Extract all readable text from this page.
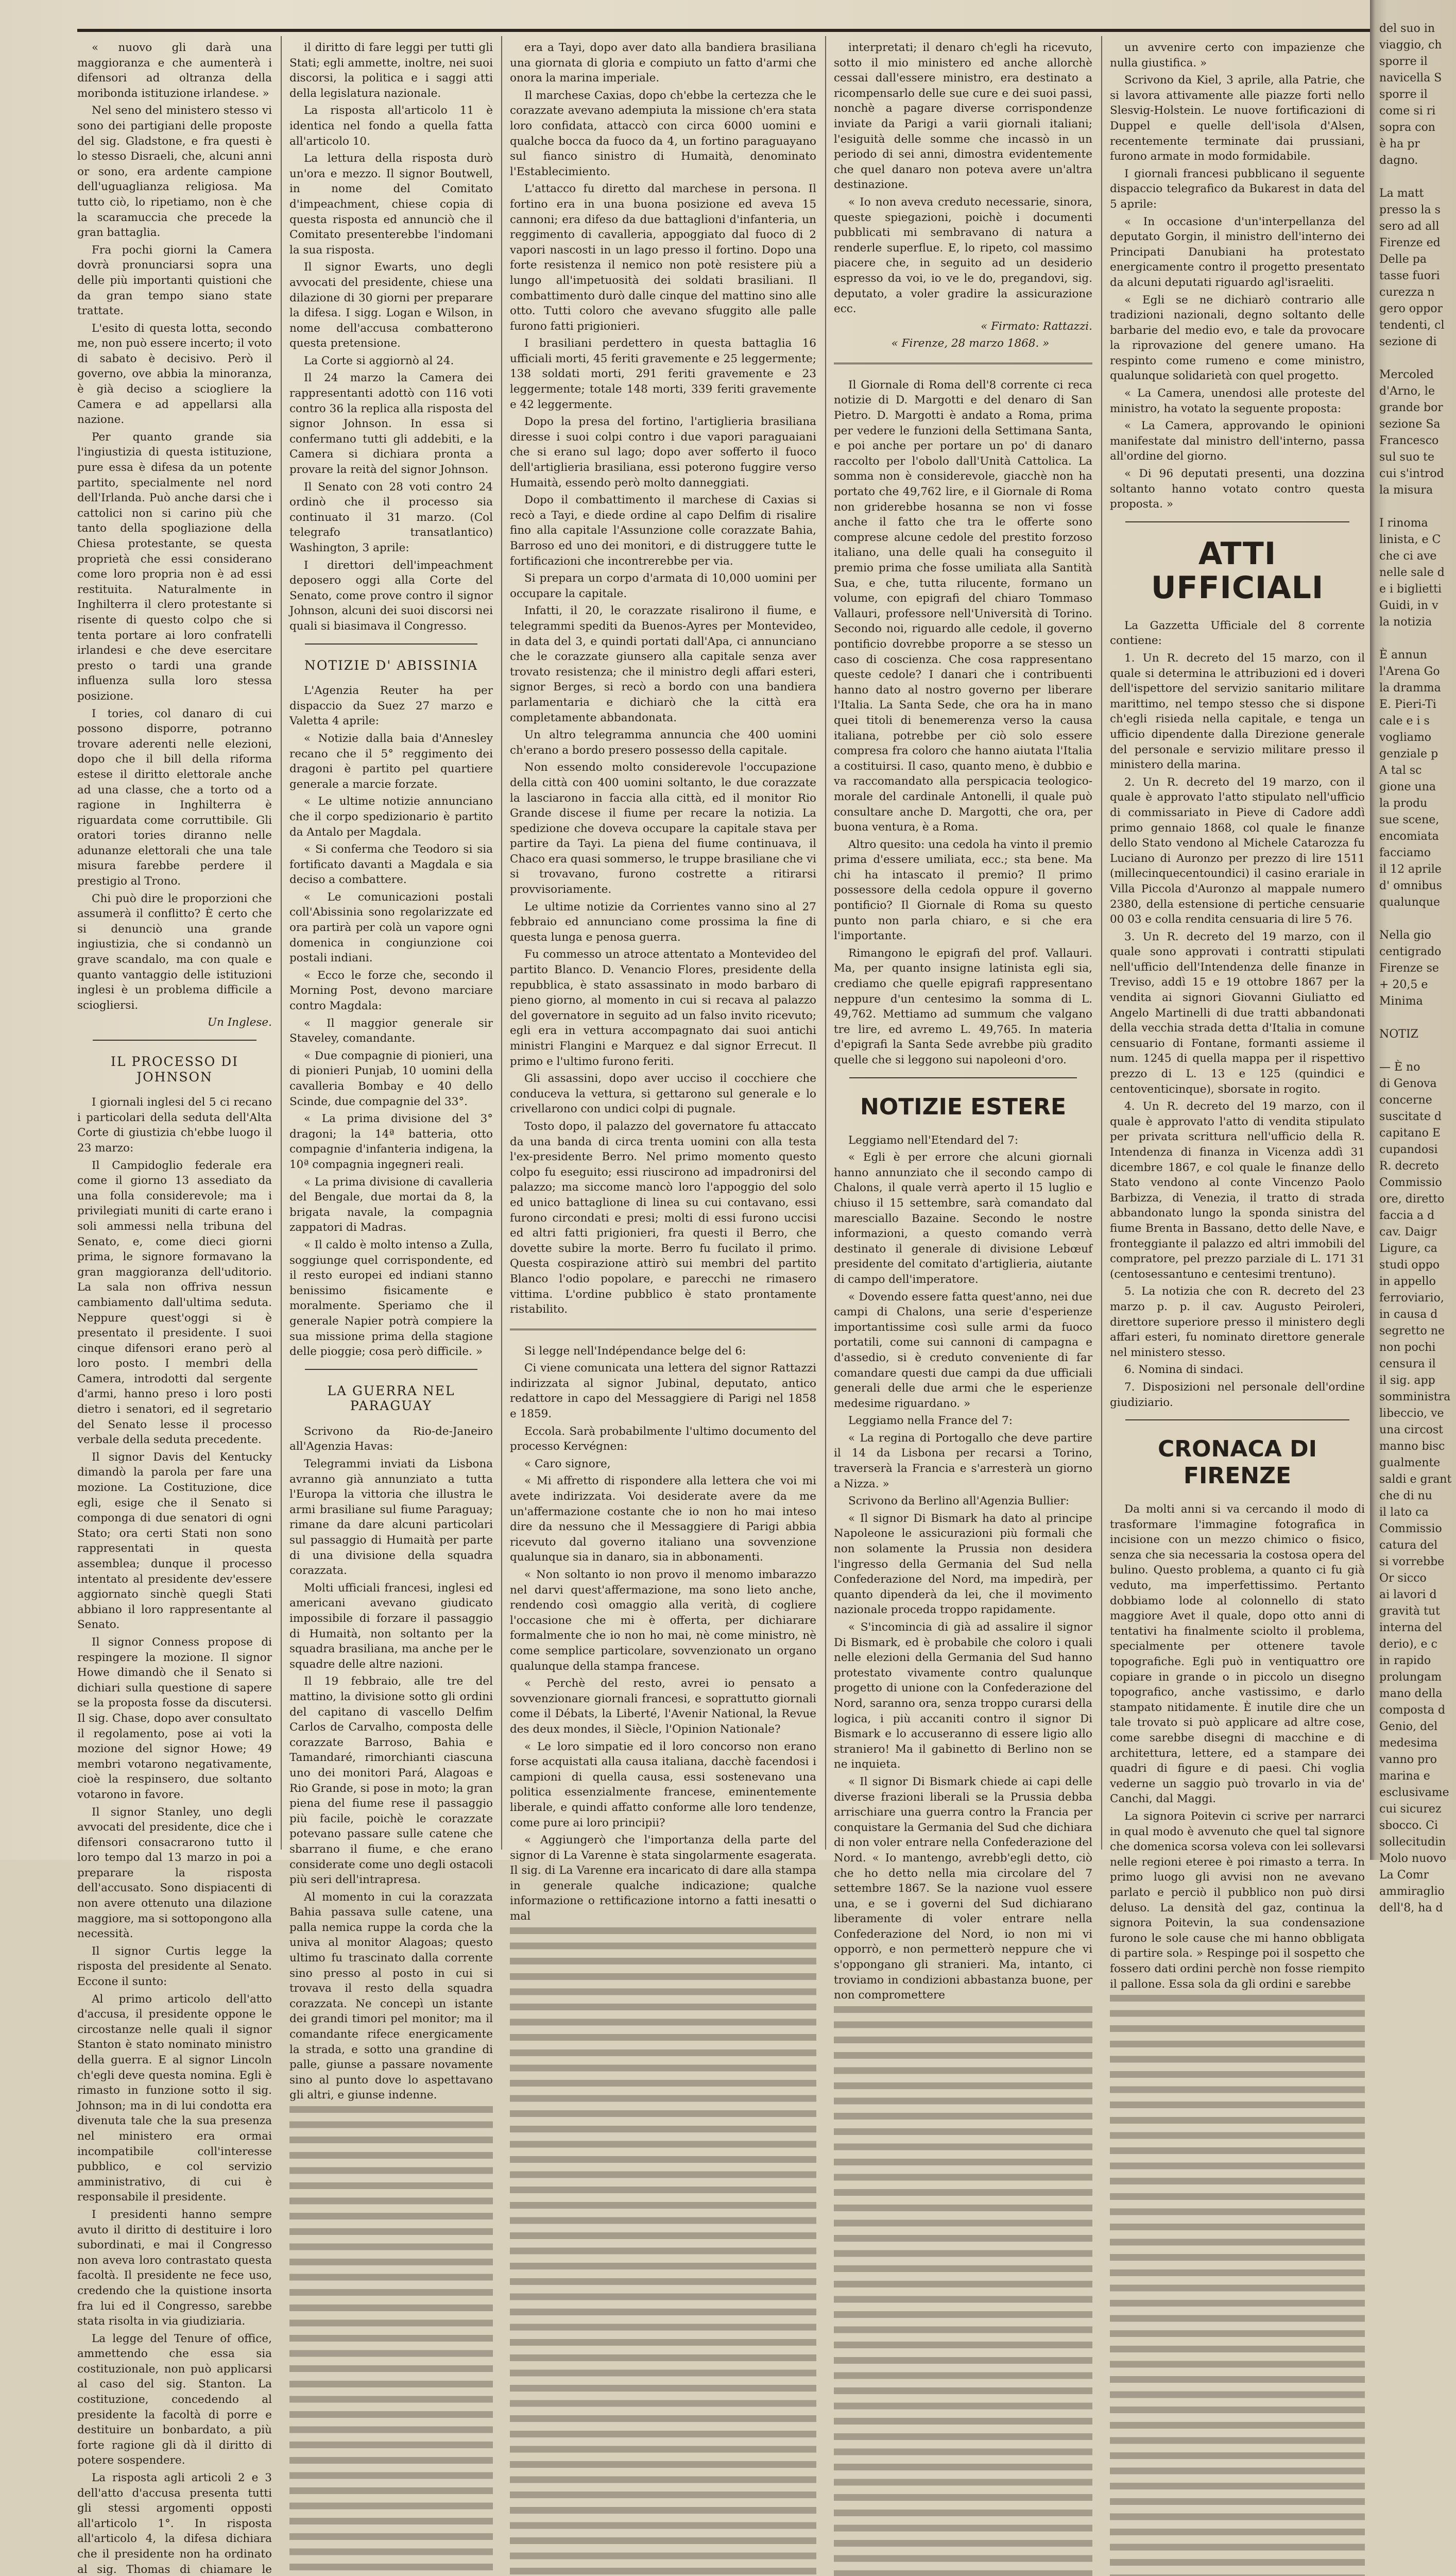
« nuovo gli darà una maggioranza e che aumenterà i difensori ad oltranza della moribonda istituzione irlandese. »

Nel seno del ministero stesso vi sono dei partigiani delle proposte del sig. Gladstone, e fra questi è lo stesso Disraeli, che, alcuni anni or sono, era ardente campione dell'uguaglianza religiosa. Ma tutto ciò, lo ripetiamo, non è che la scaramuccia che precede la gran battaglia.

Fra pochi giorni la Camera dovrà pronunciarsi sopra una delle più importanti quistioni che da gran tempo siano state trattate.

L'esito di questa lotta, secondo me, non può essere incerto; il voto di sabato è decisivo. Però il governo, ove abbia la minoranza, è già deciso a sciogliere la Camera e ad appellarsi alla nazione.

Per quanto grande sia l'ingiustizia di questa istituzione, pure essa è difesa da un potente partito, specialmente nel nord dell'Irlanda. Può anche darsi che i cattolici non si carino più che tanto della spogliazione della Chiesa protestante, se questa proprietà che essi considerano come loro propria non è ad essi restituita. Naturalmente in Inghilterra il clero protestante si risente di questo colpo che si tenta portare ai loro confratelli irlandesi e che deve esercitare presto o tardi una grande influenza sulla loro stessa posizione.

I tories, col danaro di cui possono disporre, potranno trovare aderenti nelle elezioni, dopo che il bill della riforma estese il diritto elettorale anche ad una classe, che a torto od a ragione in Inghilterra è riguardata come corruttibile. Gli oratori tories diranno nelle adunanze elettorali che una tale misura farebbe perdere il prestigio al Trono.

Chi può dire le proporzioni che assumerà il conflitto? È certo che si denunciò una grande ingiustizia, che si condannò un grave scandalo, ma con quale e quanto vantaggio delle istituzioni inglesi è un problema difficile a sciogliersi.

Un Inglese.

IL PROCESSO DI JOHNSON

I giornali inglesi del 5 ci recano i particolari della seduta dell'Alta Corte di giustizia ch'ebbe luogo il 23 marzo:

Il Campidoglio federale era come il giorno 13 assediato da una folla considerevole; ma i privilegiati muniti di carte erano i soli ammessi nella tribuna del Senato, e, come dieci giorni prima, le signore formavano la gran maggioranza dell'uditorio. La sala non offriva nessun cambiamento dall'ultima seduta. Neppure quest'oggi si è presentato il presidente. I suoi cinque difensori erano però al loro posto. I membri della Camera, introdotti dal sergente d'armi, hanno preso i loro posti dietro i senatori, ed il segretario del Senato lesse il processo verbale della seduta precedente.

Il signor Davis del Kentucky dimandò la parola per fare una mozione. La Costituzione, dice egli, esige che il Senato si componga di due senatori di ogni Stato; ora certi Stati non sono rappresentati in questa assemblea; dunque il processo intentato al presidente dev'essere aggiornato sinchè quegli Stati abbiano il loro rappresentante al Senato.

Il signor Conness propose di respingere la mozione. Il signor Howe dimandò che il Senato si dichiari sulla questione di sapere se la proposta fosse da discutersi. Il sig. Chase, dopo aver consultato il regolamento, pose ai voti la mozione del signor Howe; 49 membri votarono negativamente, cioè la respinsero, due soltanto votarono in favore.

Il signor Stanley, uno degli avvocati del presidente, dice che i difensori consacrarono tutto il loro tempo dal 13 marzo in poi a preparare la risposta dell'accusato. Sono dispiacenti di non avere ottenuto una dilazione maggiore, ma si sottopongono alla necessità.

Il signor Curtis legge la risposta del presidente al Senato. Eccone il sunto:

Al primo articolo dell'atto d'accusa, il presidente oppone le circostanze nelle quali il signor Stanton è stato nominato ministro della guerra. E al signor Lincoln ch'egli deve questa nomina. Egli è rimasto in funzione sotto il sig. Johnson; ma in di lui condotta era divenuta tale che la sua presenza nel ministero era ormai incompatibile coll'interesse pubblico, e col servizio amministrativo, di cui è responsabile il presidente.

I presidenti hanno sempre avuto il diritto di destituire i loro subordinati, e mai il Congresso non aveva loro contrastato questa facoltà. Il presidente ne fece uso, credendo che la quistione insorta fra lui ed il Congresso, sarebbe stata risolta in via giudiziaria.

La legge del Tenure of office, ammettendo che essa sia costituzionale, non può applicarsi al caso del sig. Stanton. La costituzione, concedendo al presidente la facoltà di porre e destituire un bonbardato, a più forte ragione gli dà il diritto di potere sospendere.

La risposta agli articoli 2 e 3 dell'atto d'accusa presenta tutti gli stessi argomenti opposti all'articolo 1°. In risposta all'articolo 4, la difesa dichiara che il presidente non ha ordinato al sig. Thomas di chiamare le

il diritto di fare leggi per tutti gli Stati; egli ammette, inoltre, nei suoi discorsi, la politica e i saggi atti della legislatura nazionale.

La risposta all'articolo 11 è identica nel fondo a quella fatta all'articolo 10.

La lettura della risposta durò un'ora e mezzo. Il signor Boutwell, in nome del Comitato d'impeachment, chiese copia di questa risposta ed annunciò che il Comitato presenterebbe l'indomani la sua risposta.

Il signor Ewarts, uno degli avvocati del presidente, chiese una dilazione di 30 giorni per preparare la difesa. I sigg. Logan e Wilson, in nome dell'accusa combatterono questa pretensione.

La Corte si aggiornò al 24.

Il 24 marzo la Camera dei rappresentanti adottò con 116 voti contro 36 la replica alla risposta del signor Johnson. In essa si confermano tutti gli addebiti, e la Camera si dichiara pronta a provare la reità del signor Johnson.

Il Senato con 28 voti contro 24 ordinò che il processo sia continuato il 31 marzo. (Col telegrafo transatlantico) Washington, 3 aprile:

I direttori dell'impeachment deposero oggi alla Corte del Senato, come prove contro il signor Johnson, alcuni dei suoi discorsi nei quali si biasimava il Congresso.

NOTIZIE D' ABISSINIA

L'Agenzia Reuter ha per dispaccio da Suez 27 marzo e Valetta 4 aprile:

« Notizie dalla baia d'Annesley recano che il 5° reggimento dei dragoni è partito pel quartiere generale a marcie forzate.

« Le ultime notizie annunciano che il corpo spedizionario è partito da Antalo per Magdala.

« Si conferma che Teodoro si sia fortificato davanti a Magdala e sia deciso a combattere.

« Le comunicazioni postali coll'Abissinia sono regolarizzate ed ora partirà per colà un vapore ogni domenica in congiunzione coi postali indiani.

« Ecco le forze che, secondo il Morning Post, devono marciare contro Magdala:

« Il maggior generale sir Staveley, comandante.

« Due compagnie di pionieri, una di pionieri Punjab, 10 uomini della cavalleria Bombay e 40 dello Scinde, due compagnie del 33°.

« La prima divisione del 3° dragoni; la 14ª batteria, otto compagnie d'infanteria indigena, la 10ª compagnia ingegneri reali.

« La prima divisione di cavalleria del Bengale, due mortai da 8, la brigata navale, la compagnia zappatori di Madras.

« Il caldo è molto intenso a Zulla, soggiunge quel corrispondente, ed il resto europei ed indiani stanno benissimo fisicamente e moralmente. Speriamo che il generale Napier potrà compiere la sua missione prima della stagione delle pioggie; cosa però difficile. »

LA GUERRA NEL PARAGUAY

Scrivono da Rio-de-Janeiro all'Agenzia Havas:

Telegrammi inviati da Lisbona avranno già annunziato a tutta l'Europa la vittoria che illustra le armi brasiliane sul fiume Paraguay; rimane da dare alcuni particolari sul passaggio di Humaità per parte di una divisione della squadra corazzata.

Molti ufficiali francesi, inglesi ed americani avevano giudicato impossibile di forzare il passaggio di Humaità, non soltanto per la squadra brasiliana, ma anche per le squadre delle altre nazioni.

Il 19 febbraio, alle tre del mattino, la divisione sotto gli ordini del capitano di vascello Delfim Carlos de Carvalho, composta delle corazzate Barroso, Bahia e Tamandaré, rimorchianti ciascuna uno dei monitori Pará, Alagoas e Rio Grande, si pose in moto; la gran piena del fiume rese il passaggio più facile, poichè le corazzate potevano passare sulle catene che sbarrano il fiume, e che erano considerate come uno degli ostacoli più seri dell'intrapresa.

Al momento in cui la corazzata Bahia passava sulle catene, una palla nemica ruppe la corda che la univa al monitor Alagoas; questo ultimo fu trascinato dalla corrente sino presso al posto in cui si trovava il resto della squadra corazzata. Ne concepì un istante dei grandi timori pel monitor; ma il comandante rifece energicamente la strada, e sotto una grandine di palle, giunse a passare novamente sino al punto dove lo aspettavano gli altri, e giunse indenne.

era a Tayi, dopo aver dato alla bandiera brasiliana una giornata di gloria e compiuto un fatto d'armi che onora la marina imperiale.

Il marchese Caxias, dopo ch'ebbe la certezza che le corazzate avevano adempiuta la missione ch'era stata loro confidata, attaccò con circa 6000 uomini e qualche bocca da fuoco da 4, un fortino paraguayano sul fianco sinistro di Humaità, denominato l'Establecimiento.

L'attacco fu diretto dal marchese in persona. Il fortino era in una buona posizione ed aveva 15 cannoni; era difeso da due battaglioni d'infanteria, un reggimento di cavalleria, appoggiato dal fuoco di 2 vapori nascosti in un lago presso il fortino. Dopo una forte resistenza il nemico non potè resistere più a lungo all'impetuosità dei soldati brasiliani. Il combattimento durò dalle cinque del mattino sino alle otto. Tutti coloro che avevano sfuggito alle palle furono fatti prigionieri.

I brasiliani perdettero in questa battaglia 16 ufficiali morti, 45 feriti gravemente e 25 leggermente; 138 soldati morti, 291 feriti gravemente e 23 leggermente; totale 148 morti, 339 feriti gravemente e 42 leggermente.

Dopo la presa del fortino, l'artiglieria brasiliana diresse i suoi colpi contro i due vapori paraguaiani che si erano sul lago; dopo aver sofferto il fuoco dell'artiglieria brasiliana, essi poterono fuggire verso Humaità, essendo però molto danneggiati.

Dopo il combattimento il marchese di Caxias si recò a Tayi, e diede ordine al capo Delfim di risalire fino alla capitale l'Assunzione colle corazzate Bahia, Barroso ed uno dei monitori, e di distruggere tutte le fortificazioni che incontrerebbe per via.

Si prepara un corpo d'armata di 10,000 uomini per occupare la capitale.

Infatti, il 20, le corazzate risalirono il fiume, e telegrammi spediti da Buenos-Ayres per Montevideo, in data del 3, e quindi portati dall'Apa, ci annunciano che le corazzate giunsero alla capitale senza aver trovato resistenza; che il ministro degli affari esteri, signor Berges, si recò a bordo con una bandiera parlamentaria e dichiarò che la città era completamente abbandonata.

Un altro telegramma annuncia che 400 uomini ch'erano a bordo presero possesso della capitale.

Non essendo molto considerevole l'occupazione della città con 400 uomini soltanto, le due corazzate la lasciarono in faccia alla città, ed il monitor Rio Grande discese il fiume per recare la notizia. La spedizione che doveva occupare la capitale stava per partire da Tayi. La piena del fiume continuava, il Chaco era quasi sommerso, le truppe brasiliane che vi si trovavano, furono costrette a ritirarsi provvisoriamente.

Le ultime notizie da Corrientes vanno sino al 27 febbraio ed annunciano come prossima la fine di questa lunga e penosa guerra.

Fu commesso un atroce attentato a Montevideo del partito Blanco. D. Venancio Flores, presidente della repubblica, è stato assassinato in modo barbaro di pieno giorno, al momento in cui si recava al palazzo del governatore in seguito ad un falso invito ricevuto; egli era in vettura accompagnato dai suoi antichi ministri Flangini e Marquez e dal signor Errecut. Il primo e l'ultimo furono feriti.

Gli assassini, dopo aver ucciso il cocchiere che conduceva la vettura, si gettarono sul generale e lo crivellarono con undici colpi di pugnale.

Tosto dopo, il palazzo del governatore fu attaccato da una banda di circa trenta uomini con alla testa l'ex-presidente Berro. Nel primo momento questo colpo fu eseguito; essi riuscirono ad impadronirsi del palazzo; ma siccome mancò loro l'appoggio del solo ed unico battaglione di linea su cui contavano, essi furono circondati e presi; molti di essi furono uccisi ed altri fatti prigionieri, fra questi il Berro, che dovette subire la morte. Berro fu fucilato il primo. Questa cospirazione attirò sui membri del partito Blanco l'odio popolare, e parecchi ne rimasero vittima. L'ordine pubblico è stato prontamente ristabilito.

Si legge nell'Indépendance belge del 6:

Ci viene comunicata una lettera del signor Rattazzi indirizzata al signor Jubinal, deputato, antico redattore in capo del Messaggiere di Parigi nel 1858 e 1859.

Eccola. Sarà probabilmente l'ultimo documento del processo Kervégnen:

« Caro signore,

« Mi affretto di rispondere alla lettera che voi mi avete indirizzata. Voi desiderate avere da me un'affermazione costante che io non ho mai inteso dire da nessuno che il Messaggiere di Parigi abbia ricevuto dal governo italiano una sovvenzione qualunque sia in danaro, sia in abbonamenti.

« Non soltanto io non provo il menomo imbarazzo nel darvi quest'affermazione, ma sono lieto anche, rendendo così omaggio alla verità, di cogliere l'occasione che mi è offerta, per dichiarare formalmente che io non ho mai, nè come ministro, nè come semplice particolare, sovvenzionato un organo qualunque della stampa francese.

« Perchè del resto, avrei io pensato a sovvenzionare giornali francesi, e soprattutto giornali come il Débats, la Liberté, l'Avenir National, la Revue des deux mondes, il Siècle, l'Opinion Nationale?

« Le loro simpatie ed il loro concorso non erano forse acquistati alla causa italiana, dacchè facendosi i campioni di quella causa, essi sostenevano una politica essenzialmente francese, eminentemente liberale, e quindi affatto conforme alle loro tendenze, come pure ai loro principii?

« Aggiungerò che l'importanza della parte del signor di La Varenne è stata singolarmente esagerata. Il sig. di La Varenne era incaricato di dare alla stampa in generale qualche indicazione; qualche informazione o rettificazione intorno a fatti inesatti o mal

interpretati; il denaro ch'egli ha ricevuto, sotto il mio ministero ed anche allorchè cessai dall'essere ministro, era destinato a ricompensarlo delle sue cure e dei suoi passi, nonchè a pagare diverse corrispondenze inviate da Parigi a varii giornali italiani; l'esiguità delle somme che incassò in un periodo di sei anni, dimostra evidentemente che quel danaro non poteva avere un'altra destinazione.

« Io non aveva creduto necessarie, sinora, queste spiegazioni, poichè i documenti pubblicati mi sembravano di natura a renderle superflue. E, lo ripeto, col massimo piacere che, in seguito ad un desiderio espresso da voi, io ve le do, pregandovi, sig. deputato, a voler gradire la assicurazione ecc.

« Firmato: Rattazzi.

« Firenze, 28 marzo 1868. »

Il Giornale di Roma dell'8 corrente ci reca notizie di D. Margotti e del denaro di San Pietro. D. Margotti è andato a Roma, prima per vedere le funzioni della Settimana Santa, e poi anche per portare un po' di danaro raccolto per l'obolo dall'Unità Cattolica. La somma non è considerevole, giacchè non ha portato che 49,762 lire, e il Giornale di Roma non griderebbe hosanna se non vi fosse anche il fatto che tra le offerte sono comprese alcune cedole del prestito forzoso italiano, una delle quali ha conseguito il premio prima che fosse umiliata alla Santità Sua, e che, tutta rilucente, formano un volume, con epigrafi del chiaro Tommaso Vallauri, professore nell'Università di Torino. Secondo noi, riguardo alle cedole, il governo pontificio dovrebbe proporre a se stesso un caso di coscienza. Che cosa rappresentano queste cedole? I danari che i contribuenti hanno dato al nostro governo per liberare l'Italia. La Santa Sede, che ora ha in mano quei titoli di benemerenza verso la causa italiana, potrebbe per ciò solo essere compresa fra coloro che hanno aiutata l'Italia a costituirsi. Il caso, quanto meno, è dubbio e va raccomandato alla perspicacia teologico-morale del cardinale Antonelli, il quale può consultare anche D. Margotti, che ora, per buona ventura, è a Roma.

Altro quesito: una cedola ha vinto il premio prima d'essere umiliata, ecc.; sta bene. Ma chi ha intascato il premio? Il primo possessore della cedola oppure il governo pontificio? Il Giornale di Roma su questo punto non parla chiaro, e si che era l'importante.

Rimangono le epigrafi del prof. Vallauri. Ma, per quanto insigne latinista egli sia, crediamo che quelle epigrafi rappresentano neppure d'un centesimo la somma di L. 49,762. Mettiamo ad summum che valgano tre lire, ed avremo L. 49,765. In materia d'epigrafi la Santa Sede avrebbe più gradito quelle che si leggono sui napoleoni d'oro.

NOTIZIE ESTERE

Leggiamo nell'Etendard del 7:

« Egli è per errore che alcuni giornali hanno annunziato che il secondo campo di Chalons, il quale verrà aperto il 15 luglio e chiuso il 15 settembre, sarà comandato dal maresciallo Bazaine. Secondo le nostre informazioni, a questo comando verrà destinato il generale di divisione Lebœuf presidente del comitato d'artiglieria, aiutante di campo dell'imperatore.

« Dovendo essere fatta quest'anno, nei due campi di Chalons, una serie d'esperienze importantissime così sulle armi da fuoco portatili, come sui cannoni di campagna e d'assedio, si è creduto conveniente di far comandare questi due campi da due ufficiali generali delle due armi che le esperienze medesime riguardano. »

Leggiamo nella France del 7:

« La regina di Portogallo che deve partire il 14 da Lisbona per recarsi a Torino, traverserà la Francia e s'arresterà un giorno a Nizza. »

Scrivono da Berlino all'Agenzia Bullier:

« Il signor Di Bismark ha dato al principe Napoleone le assicurazioni più formali che non solamente la Prussia non desidera l'ingresso della Germania del Sud nella Confederazione del Nord, ma impedirà, per quanto dipenderà da lei, che il movimento nazionale proceda troppo rapidamente.

« S'incomincia di già ad assalire il signor Di Bismark, ed è probabile che coloro i quali nelle elezioni della Germania del Sud hanno protestato vivamente contro qualunque progetto di unione con la Confederazione del Nord, saranno ora, senza troppo curarsi della logica, i più accaniti contro il signor Di Bismark e lo accuseranno di essere ligio allo straniero! Ma il gabinetto di Berlino non se ne inquieta.

« Il signor Di Bismark chiede ai capi delle diverse frazioni liberali se la Prussia debba arrischiare una guerra contro la Francia per conquistare la Germania del Sud che dichiara di non voler entrare nella Confederazione del Nord. « Io mantengo, avrebb'egli detto, ciò che ho detto nella mia circolare del 7 settembre 1867. Se la nazione vuol essere una, e se i governi del Sud dichiarano liberamente di voler entrare nella Confederazione del Nord, io non mi vi opporrò, e non permetterò neppure che vi s'oppongano gli stranieri. Ma, intanto, ci troviamo in condizioni abbastanza buone, per non compromettere

un avvenire certo con impazienze che nulla giustifica. »

Scrivono da Kiel, 3 aprile, alla Patrie, che si lavora attivamente alle piazze forti nello Slesvig-Holstein. Le nuove fortificazioni di Duppel e quelle dell'isola d'Alsen, recentemente terminate dai prussiani, furono armate in modo formidabile.

I giornali francesi pubblicano il seguente dispaccio telegrafico da Bukarest in data del 5 aprile:

« In occasione d'un'interpellanza del deputato Gorgin, il ministro dell'interno dei Principati Danubiani ha protestato energicamente contro il progetto presentato da alcuni deputati riguardo agl'israeliti.

« Egli se ne dichiarò contrario alle tradizioni nazionali, degno soltanto delle barbarie del medio evo, e tale da provocare la riprovazione del genere umano. Ha respinto come rumeno e come ministro, qualunque solidarietà con quel progetto.

« La Camera, unendosi alle proteste del ministro, ha votato la seguente proposta:

« La Camera, approvando le opinioni manifestate dal ministro dell'interno, passa all'ordine del giorno.

« Di 96 deputati presenti, una dozzina soltanto hanno votato contro questa proposta. »

ATTI UFFICIALI

La Gazzetta Ufficiale del 8 corrente contiene:

1. Un R. decreto del 15 marzo, con il quale si determina le attribuzioni ed i doveri dell'ispettore del servizio sanitario militare marittimo, nel tempo stesso che si dispone ch'egli risieda nella capitale, e tenga un ufficio dipendente dalla Direzione generale del personale e servizio militare presso il ministero della marina.

2. Un R. decreto del 19 marzo, con il quale è approvato l'atto stipulato nell'ufficio di commissariato in Pieve di Cadore addì primo gennaio 1868, col quale le finanze dello Stato vendono al Michele Catarozza fu Luciano di Auronzo per prezzo di lire 1511 (millecinquecentoundici) il casino erariale in Villa Piccola d'Auronzo al mappale numero 2380, della estensione di pertiche censuarie 00 03 e colla rendita censuaria di lire 5 76.

3. Un R. decreto del 19 marzo, con il quale sono approvati i contratti stipulati nell'ufficio dell'Intendenza delle finanze in Treviso, addì 15 e 19 ottobre 1867 per la vendita ai signori Giovanni Giuliatto ed Angelo Martinelli di due tratti abbandonati della vecchia strada detta d'Italia in comune censuario di Fontane, formanti assieme il num. 1245 di quella mappa per il rispettivo prezzo di L. 13 e 125 (quindici e centoventicinque), sborsate in rogito.

4. Un R. decreto del 19 marzo, con il quale è approvato l'atto di vendita stipulato per privata scrittura nell'ufficio della R. Intendenza di finanza in Vicenza addì 31 dicembre 1867, e col quale le finanze dello Stato vendono al conte Vincenzo Paolo Barbizza, di Venezia, il tratto di strada abbandonato lungo la sponda sinistra del fiume Brenta in Bassano, detto delle Nave, e fronteggiante il palazzo ed altri immobili del compratore, pel prezzo parziale di L. 171 31 (centosessantuno e centesimi trentuno).

5. La notizia che con R. decreto del 23 marzo p. p. il cav. Augusto Peiroleri, direttore superiore presso il ministero degli affari esteri, fu nominato direttore generale nel ministero stesso.

6. Nomina di sindaci.

7. Disposizioni nel personale dell'ordine giudiziario.

CRONACA DI FIRENZE

Da molti anni si va cercando il modo di trasformare l'immagine fotografica in incisione con un mezzo chimico o fisico, senza che sia necessaria la costosa opera del bulino. Questo problema, a quanto ci fu già veduto, ma imperfettissimo. Pertanto dobbiamo lode al colonnello di stato maggiore Avet il quale, dopo otto anni di tentativi ha finalmente sciolto il problema, specialmente per ottenere tavole topografiche. Egli può in ventiquattro ore copiare in grande o in piccolo un disegno topografico, anche vastissimo, e darlo stampato nitidamente. È inutile dire che un tale trovato si può applicare ad altre cose, come sarebbe disegni di macchine e di architettura, lettere, ed a stampare dei quadri di figure e di paesi. Chi voglia vederne un saggio può trovarlo in via de' Canchi, dal Maggi.

La signora Poitevin ci scrive per narrarci in qual modo è avvenuto che quel tal signore che domenica scorsa voleva con lei sollevarsi nelle regioni eteree è poi rimasto a terra. In primo luogo gli avvisi non ne avevano parlato e perciò il pubblico non può dirsi deluso. La densità del gaz, continua la signora Poitevin, la sua condensazione furono le sole cause che mi hanno obbligata di partire sola. » Respinge poi il sospetto che fossero dati ordini perchè non fosse riempito il pallone. Essa sola da gli ordini e sarebbe

del suo in
viaggio, ch
sporre il
navicella S
sporre il
come si ri
sopra con
è ha pr
dagno.

La matt
presso la s
sero ad all
Firenze ed
Delle pa
tasse fuori
curezza n
gero oppor
tendenti, cl
sezione di

Mercoled
d'Arno, le
grande bor
sezione Sa
Francesco
sul suo te
cui s'introd
la misura

I rinoma
linista, e C
che ci ave
nelle sale d
e i biglietti
Guidi, in v
la notizia

È annun
l'Arena Go
la dramma
E. Pieri-Ti
cale e i s
vogliamo
genziale p
A tal sc
gione una
la produ
sue scene,
encomiata
facciamo
il 12 aprile
d' omnibus
qualunque

Nella gio
centigrado
Firenze se
+ 20,5 e
Minima

NOTIZ

— È no
di Genova
concerne
suscitate d
capitano E
cupandosi
R. decreto
Commissio
ore, diretto
faccia a d
cav. Daigr
Ligure, ca
studi oppo
in appello
ferroviario,
in causa d
segretto ne
non pochi
censura il
il sig. app
somministra
libeccio, ve
una circost
manno bisc
gualmente
saldi e grant
che di nu
il lato ca
Commissio
catura del
si vorrebbe
Or sicco
ai lavori d
gravità tut
interna del
derio), e c
in rapido
prolungam
mano della
composta d
Genio, del
medesima
vanno pro
marina e
esclusivame
cui sicurez
sbocco. Ci
sollecitudin
Molo nuovo
La Comr
ammiraglio
dell'8, ha d
